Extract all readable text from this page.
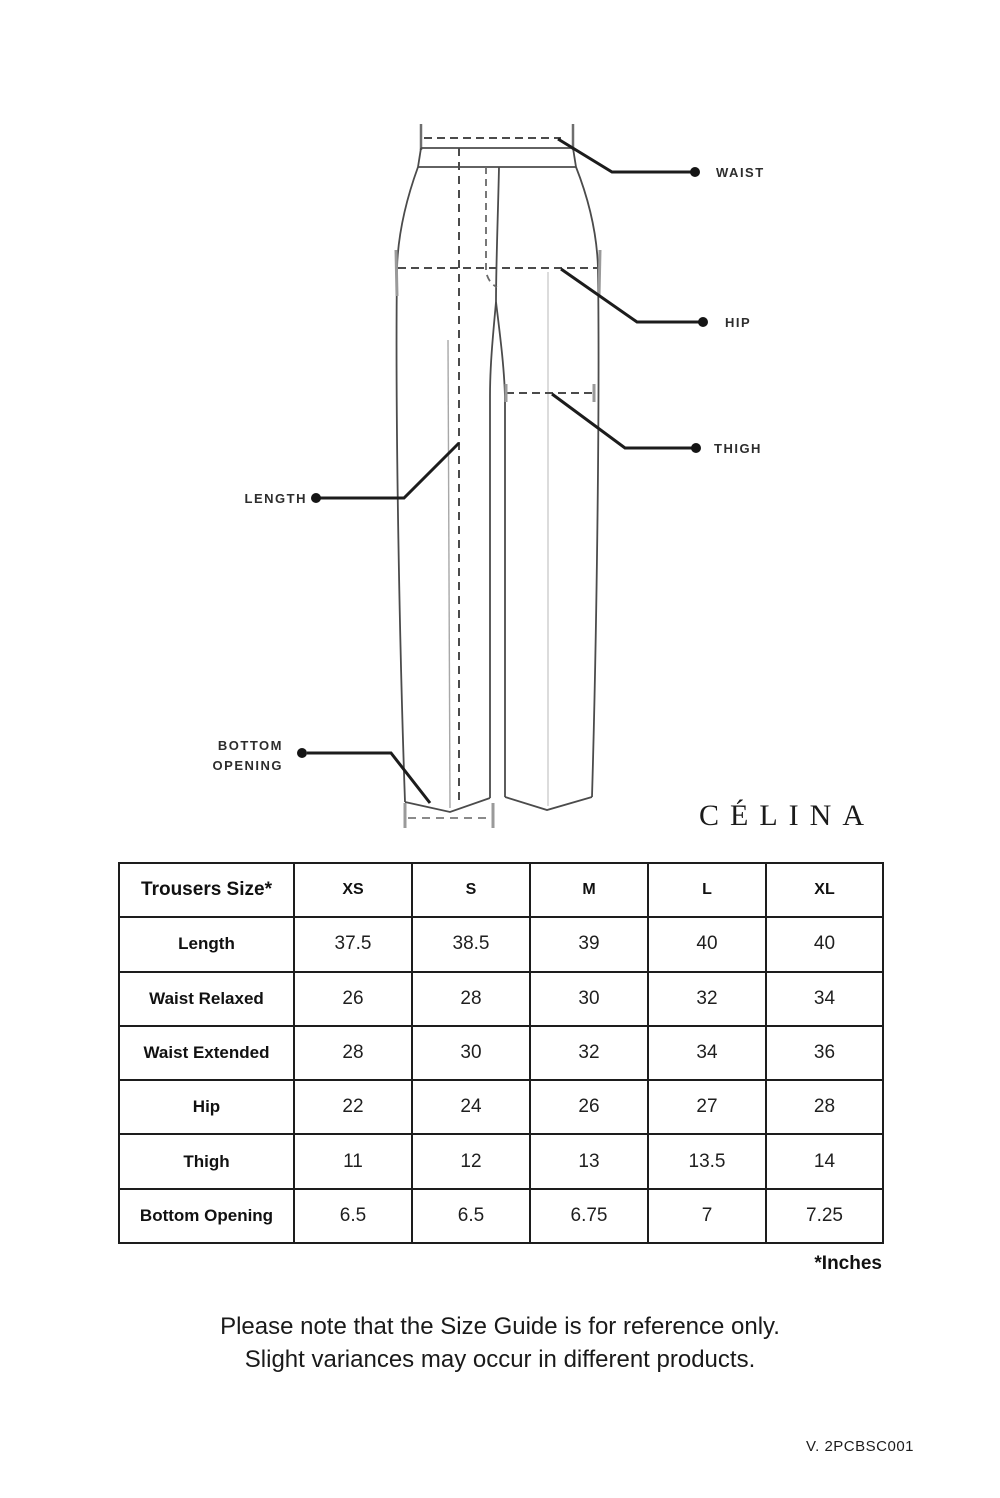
WAIST
HIP
THIGH
LENGTH
BOTTOM
OPENING
CÉLINA
Trousers Size*	XS	S	M	L	XL
Length	37.5	38.5	39	40	40
Waist Relaxed	26	28	30	32	34
Waist Extended	28	30	32	34	36
Hip	22	24	26	27	28
Thigh	11	12	13	13.5	14
Bottom Opening	6.5	6.5	6.75	7	7.25
*Inches
Please note that the Size Guide is for reference only.
Slight variances may occur in different products.
V. 2PCBSC001
